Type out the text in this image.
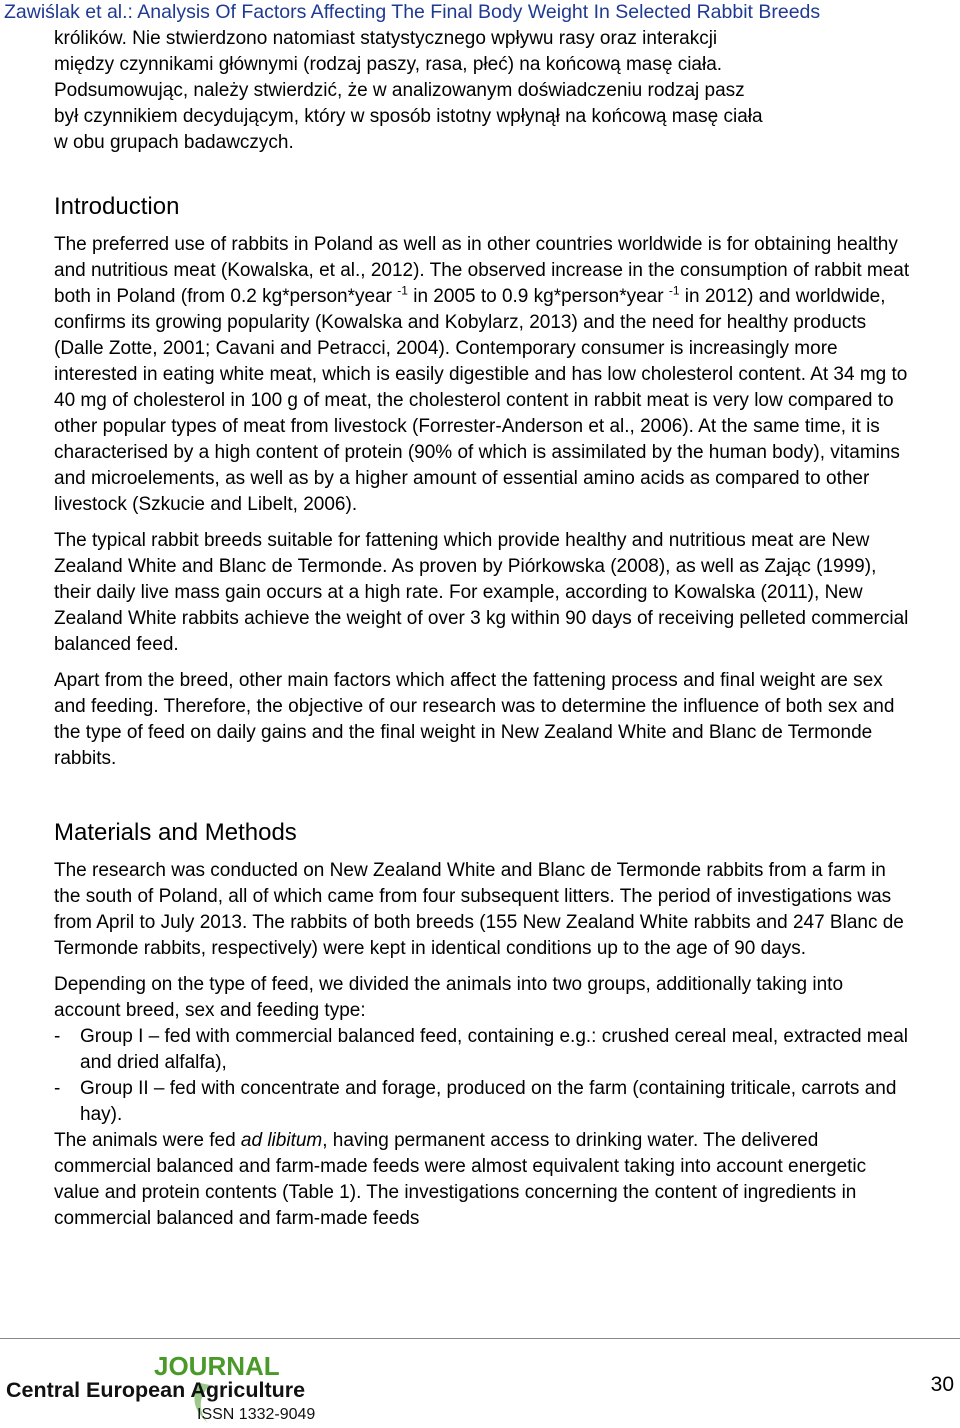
Zawiślak et al.: Analysis Of Factors Affecting The Final Body Weight In Selected Rabbit Breeds

królików. Nie stwierdzono natomiast statystycznego wpływu rasy oraz interakcji
między czynnikami głównymi (rodzaj paszy, rasa, płeć) na końcową masę ciała.
Podsumowując, należy stwierdzić, że w analizowanym doświadczeniu rodzaj pasz
był czynnikiem decydującym, który w sposób istotny wpłynął na końcową masę ciała
w obu grupach badawczych.

Introduction

The preferred use of rabbits in Poland as well as in other countries worldwide is for obtaining healthy and nutritious meat (Kowalska, et al., 2012). The observed increase in the consumption of rabbit meat both in Poland (from 0.2 kg*person*year $^{-1}$ in 2005 to 0.9 kg*person*year $^{-1}$ in 2012) and worldwide, confirms its growing popularity (Kowalska and Kobylarz, 2013) and the need for healthy products (Dalle Zotte, 2001; Cavani and Petracci, 2004). Contemporary consumer is increasingly more interested in eating white meat, which is easily digestible and has low cholesterol content. At 34 mg to 40 mg of cholesterol in 100 g of meat, the cholesterol content in rabbit meat is very low compared to other popular types of meat from livestock (Forrester-Anderson et al., 2006). At the same time, it is characterised by a high content of protein (90% of which is assimilated by the human body), vitamins and microelements, as well as by a higher amount of essential amino acids as compared to other livestock (Szkucie and Libelt, 2006).

The typical rabbit breeds suitable for fattening which provide healthy and nutritious meat are New Zealand White and Blanc de Termonde. As proven by Piórkowska (2008), as well as Zając (1999), their daily live mass gain occurs at a high rate. For example, according to Kowalska (2011), New Zealand White rabbits achieve the weight of over 3 kg within 90 days of receiving pelleted commercial balanced feed.

Apart from the breed, other main factors which affect the fattening process and final weight are sex and feeding. Therefore, the objective of our research was to determine the influence of both sex and the type of feed on daily gains and the final weight in New Zealand White and Blanc de Termonde rabbits.

Materials and Methods

The research was conducted on New Zealand White and Blanc de Termonde rabbits from a farm in the south of Poland, all of which came from four subsequent litters. The period of investigations was from April to July 2013. The rabbits of both breeds (155 New Zealand White rabbits and 247 Blanc de Termonde rabbits, respectively) were kept in identical conditions up to the age of 90 days.

Depending on the type of feed, we divided the animals into two groups, additionally taking into account breed, sex and feeding type:

- Group I – fed with commercial balanced feed, containing e.g.: crushed cereal meal, extracted meal and dried alfalfa),
- Group II – fed with concentrate and forage, produced on the farm (containing triticale, carrots and hay).

The animals were fed ad libitum, having permanent access to drinking water. The delivered commercial balanced and farm-made feeds were almost equivalent taking into account energetic value and protein contents (Table 1). The investigations concerning the content of ingredients in commercial balanced and farm-made feeds

JOURNAL
Central European Agriculture
ISSN 1332-9049
30
